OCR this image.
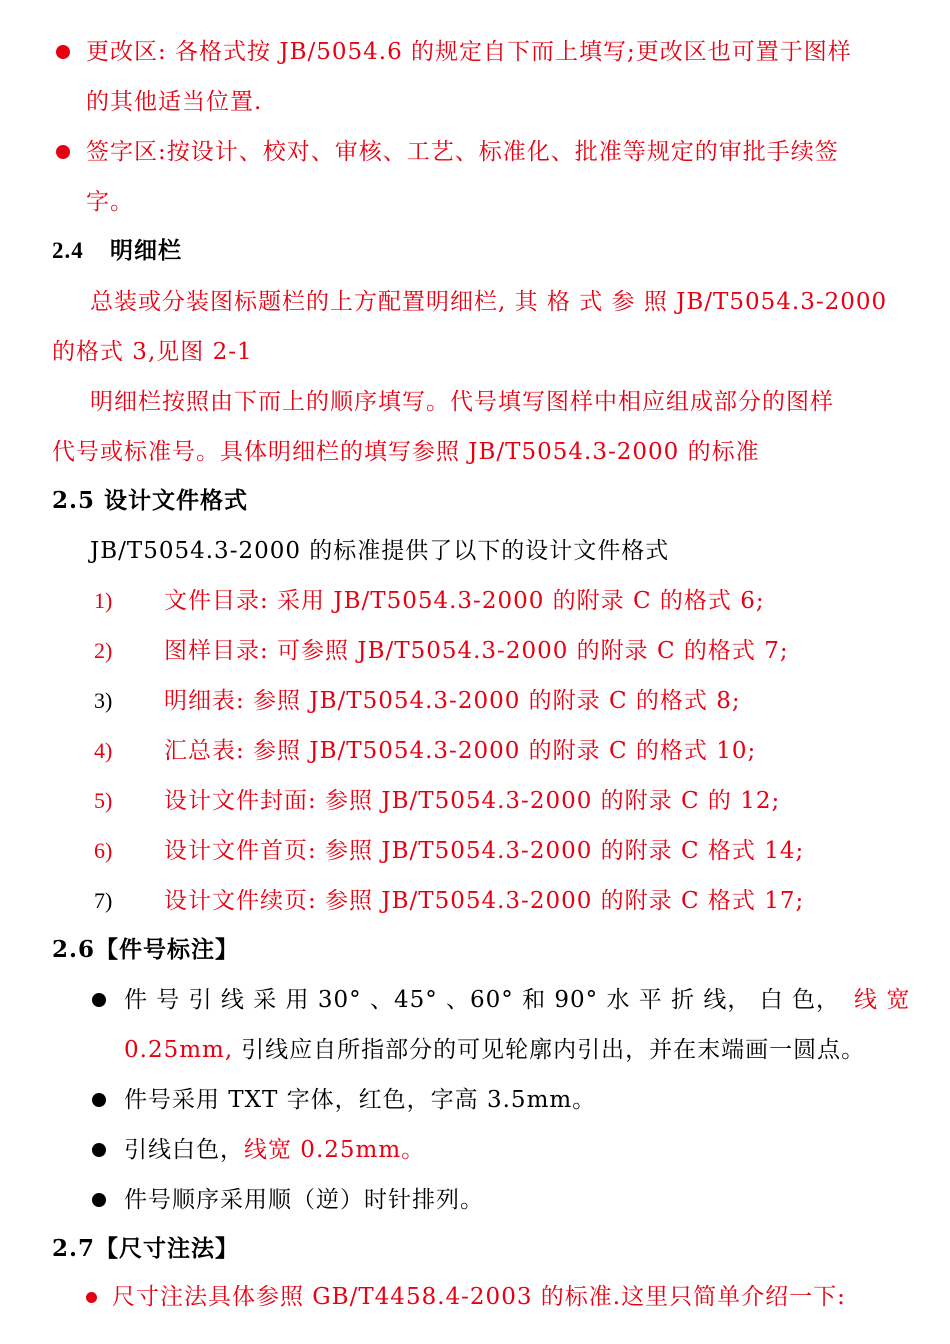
更改区: 各格式按 JB/5054.6 的规定自下而上填写;更改区也可置于图样
的其他适当位置.
签字区:按设计、校对、审核、工艺、标准化、批准等规定的审批手续签
字。
2.4 明细栏
总装或分装图标题栏的上方配置明细栏, 其 格 式 参 照 JB/T5054.3-2000
的格式 3,见图 2-1
明细栏按照由下而上的顺序填写。代号填写图样中相应组成部分的图样
代号或标准号。具体明细栏的填写参照 JB/T5054.3-2000 的标准
2.5 设计文件格式
JB/T5054.3-2000 的标准提供了以下的设计文件格式
1) 文件目录: 采用 JB/T5054.3-2000 的附录 C 的格式 6;
2) 图样目录: 可参照 JB/T5054.3-2000 的附录 C 的格式 7;
3) 明细表: 参照 JB/T5054.3-2000 的附录 C 的格式 8;
4) 汇总表: 参照 JB/T5054.3-2000 的附录 C 的格式 10;
5) 设计文件封面: 参照 JB/T5054.3-2000 的附录 C 的 12;
6) 设计文件首页: 参照 JB/T5054.3-2000 的附录 C 格式 14;
7) 设计文件续页: 参照 JB/T5054.3-2000 的附录 C 格式 17;
2.6【件号标注】
件 号 引 线 采 用 30° 、45° 、60° 和 90° 水 平 折 线， 白 色， 线 宽
0.25mm, 引线应自所指部分的可见轮廓内引出，并在末端画一圆点。
件号采用 TXT 字体，红色，字高 3.5mm。
引线白色，线宽 0.25mm。
件号顺序采用顺（逆）时针排列。
2.7【尺寸注法】
尺寸注法具体参照 GB/T4458.4-2003 的标准.这里只简单介绍一下:
